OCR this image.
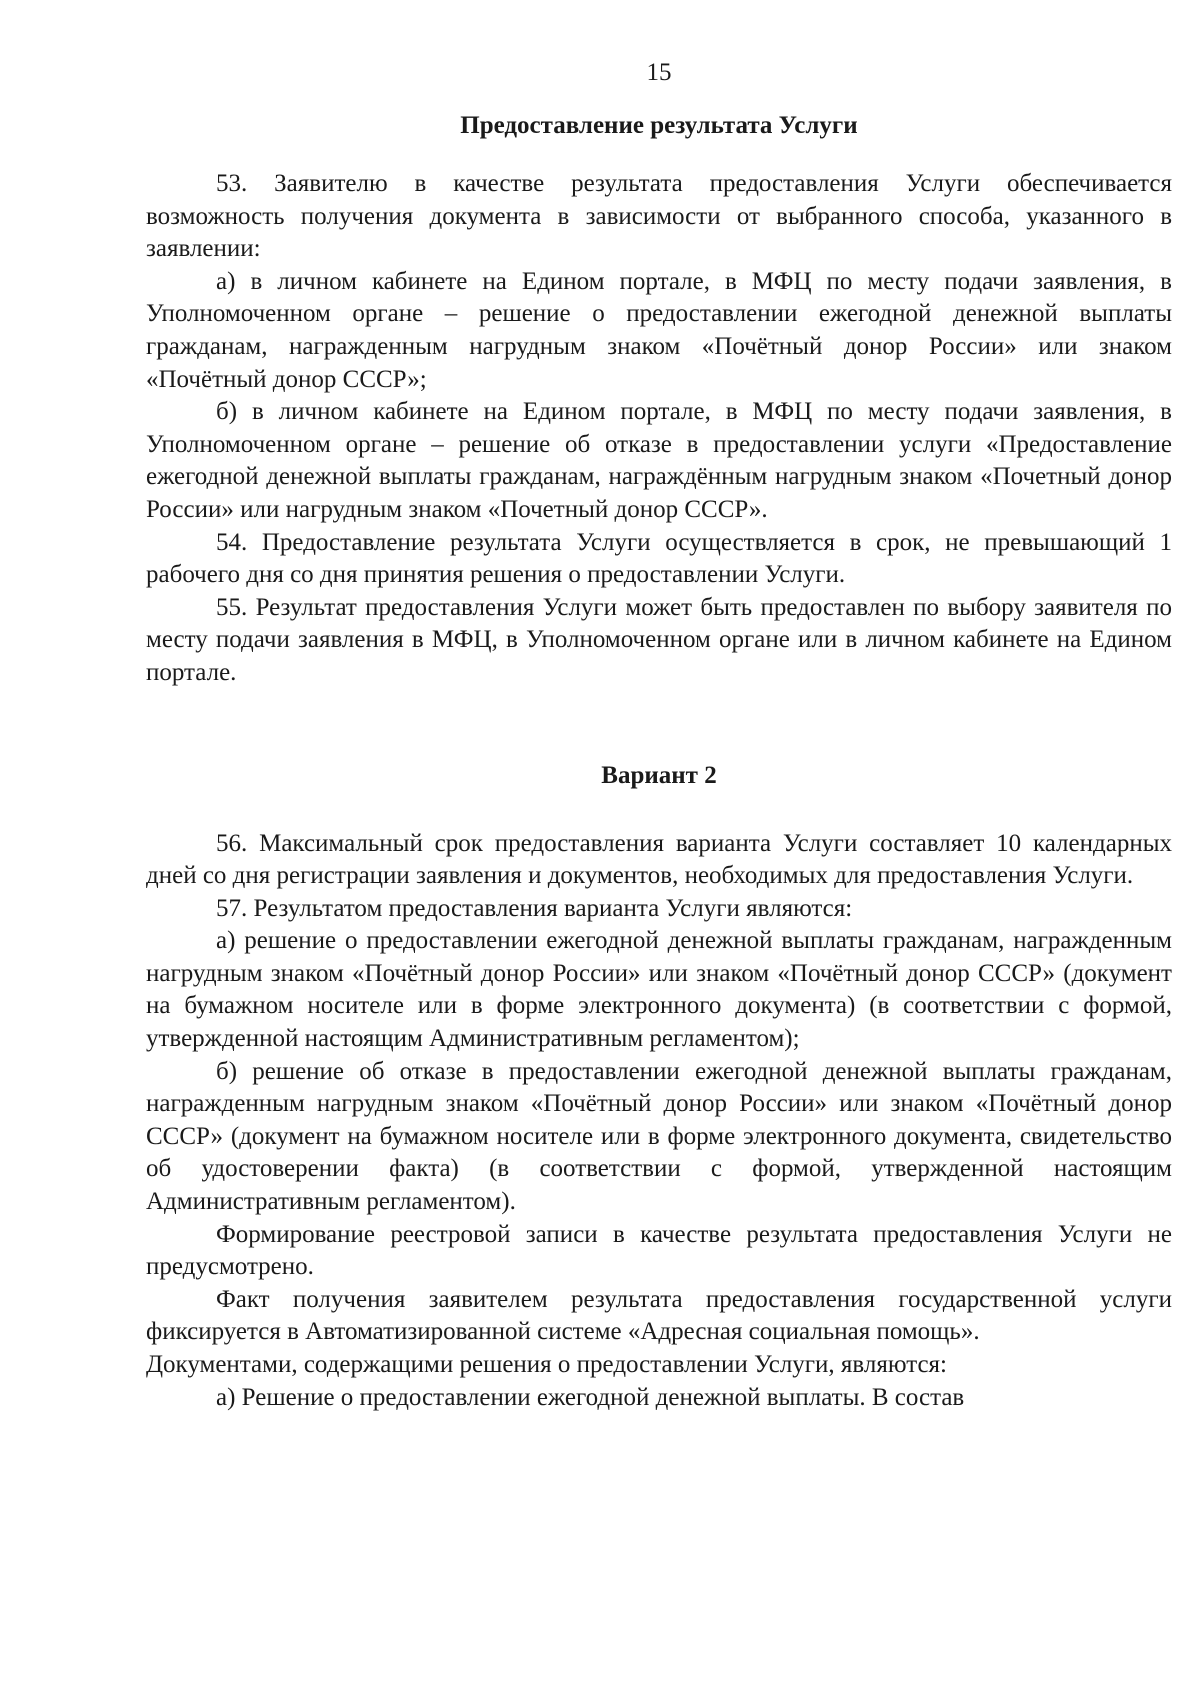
15
Предоставление результата Услуги

53. Заявителю в качестве результата предоставления Услуги обеспечивается возможность получения документа в зависимости от выбранного способа, указанного в заявлении:

а) в личном кабинете на Едином портале, в МФЦ по месту подачи заявления, в Уполномоченном органе – решение о предоставлении ежегодной денежной выплаты гражданам, награжденным нагрудным знаком «Почётный донор России» или знаком «Почётный донор СССР»;

б) в личном кабинете на Едином портале, в МФЦ по месту подачи заявления, в Уполномоченном органе – решение об отказе в предоставлении услуги «Предоставление ежегодной денежной выплаты гражданам, награждённым нагрудным знаком «Почетный донор России» или нагрудным знаком «Почетный донор СССР».

54. Предоставление результата Услуги осуществляется в срок, не превышающий 1 рабочего дня со дня принятия решения о предоставлении Услуги.

55. Результат предоставления Услуги может быть предоставлен по выбору заявителя по месту подачи заявления в МФЦ, в Уполномоченном органе или в личном кабинете на Едином портале.

Вариант 2

56. Максимальный срок предоставления варианта Услуги составляет 10 календарных дней со дня регистрации заявления и документов, необходимых для предоставления Услуги.

57. Результатом предоставления варианта Услуги являются:

а) решение о предоставлении ежегодной денежной выплаты гражданам, награжденным нагрудным знаком «Почётный донор России» или знаком «Почётный донор СССР» (документ на бумажном носителе или в форме электронного документа) (в соответствии с формой, утвержденной настоящим Административным регламентом);

б) решение об отказе в предоставлении ежегодной денежной выплаты гражданам, награжденным нагрудным знаком «Почётный донор России» или знаком «Почётный донор СССР» (документ на бумажном носителе или в форме электронного документа, свидетельство об удостоверении факта) (в соответствии с формой, утвержденной настоящим Административным регламентом).

Формирование реестровой записи в качестве результата предоставления Услуги не предусмотрено.

Факт получения заявителем результата предоставления государственной услуги фиксируется в Автоматизированной системе «Адресная социальная помощь».

Документами, содержащими решения о предоставлении Услуги, являются:

а) Решение о предоставлении ежегодной денежной выплаты. В состав
